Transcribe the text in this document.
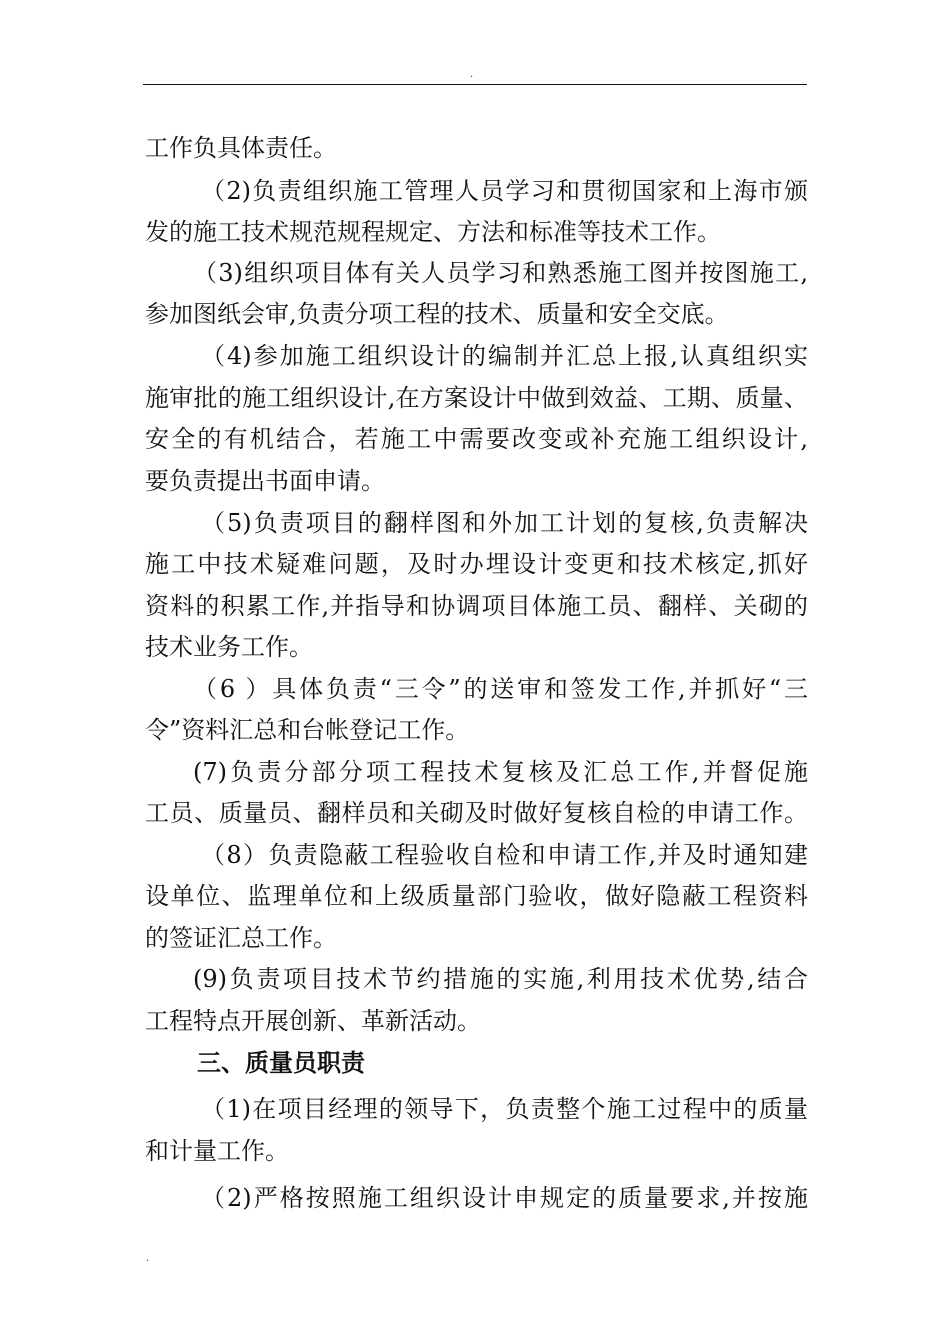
.
工作负具体责任。
（2)负责组织施工管理人员学习和贯彻国家和上海市颁
发的施工技术规范规程规定、方法和标准等技术工作。
（3)组织项目体有关人员学习和熟悉施工图并按图施工,
参加图纸会审,负责分项工程的技术、质量和安全交底。
（4)参加施工组织设计的编制并汇总上报,认真组织实
施审批的施工组织设计,在方案设计中做到效益、工期、质量、
安全的有机结合，若施工中需要改变或补充施工组织设计,
要负责提出书面申请。
（5)负责项目的翻样图和外加工计划的复核,负责解决
施工中技术疑难问题，及时办埋设计变更和技术核定,抓好
资料的积累工作,并指导和协调项目体施工员、翻样、关砌的
技术业务工作。
（6 ）具体负责“三令”的送审和签发工作,并抓好“三
令”资料汇总和台帐登记工作。
(7)负责分部分项工程技术复核及汇总工作,并督促施
工员、质量员、翻样员和关砌及时做好复核自检的申请工作。
（8）负责隐蔽工程验收自检和申请工作,并及时通知建
设单位、监理单位和上级质量部门验收，做好隐蔽工程资料
的签证汇总工作。
(9)负责项目技术节约措施的实施,利用技术优势,结合
工程特点开展创新、革新活动。
三、质量员职责
（1)在项目经理的领导下，负责整个施工过程中的质量
和计量工作。
（2)严格按照施工组织设计申规定的质量要求,并按施
.
